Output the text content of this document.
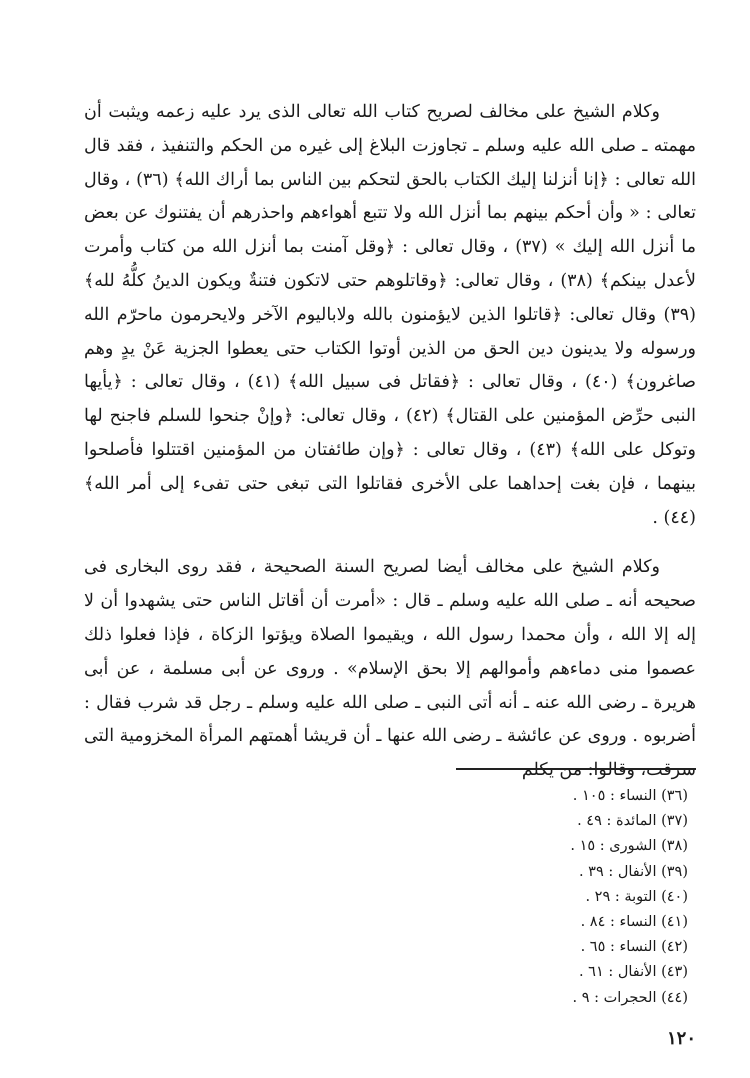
وكلام الشيخ على مخالف لصريح كتاب الله تعالى الذى يرد عليه زعمه ويثبت أن مهمته ـ صلى الله عليه وسلم ـ تجاوزت البلاغ إلى غيره من الحكم والتنفيذ ، فقد قال الله تعالى : ﴿إنا أنزلنا إليك الكتاب بالحق لتحكم بين الناس بما أراك الله﴾ (٣٦) ، وقال تعالى : « وأن أحكم بينهم بما أنزل الله ولا تتبع أهواءهم واحذرهم أن يفتنوك عن بعض ما أنزل الله إليك » (٣٧) ، وقال تعالى : ﴿وقل آمنت بما أنزل الله من كتاب وأمرت لأعدل بينكم﴾ (٣٨) ، وقال تعالى: ﴿وقاتلوهم حتى لاتكون فتنةٌ ويكون الدينُ كلُّهُ لله﴾ (٣٩) وقال تعالى: ﴿قاتلوا الذين لايؤمنون بالله ولاباليوم الآخر ولايحرمون ماحرّم الله ورسوله ولا يدينون دين الحق من الذين أوتوا الكتاب حتى يعطوا الجزية عَنْ يدٍ وهم صاغرون﴾ (٤٠) ، وقال تعالى : ﴿فقاتل فى سبيل الله﴾ (٤١) ، وقال تعالى : ﴿يأيها النبى حرِّض المؤمنين على القتال﴾ (٤٢) ، وقال تعالى: ﴿وإنْ جنحوا للسلم فاجنح لها وتوكل على الله﴾ (٤٣) ، وقال تعالى : ﴿وإن طائفتان من المؤمنين اقتتلوا فأصلحوا بينهما ، فإن بغت إحداهما على الأخرى فقاتلوا التى تبغى حتى تفىء إلى أمر الله﴾ (٤٤) .

وكلام الشيخ على مخالف أيضا لصريح السنة الصحيحة ، فقد روى البخارى فى صحيحه أنه ـ صلى الله عليه وسلم ـ قال : «أمرت أن أقاتل الناس حتى يشهدوا أن لا إله إلا الله ، وأن محمدا رسول الله ، ويقيموا الصلاة ويؤتوا الزكاة ، فإذا فعلوا ذلك عصموا منى دماءهم وأموالهم إلا بحق الإسلام» . وروى عن أبى مسلمة ، عن أبى هريرة ـ رضى الله عنه ـ أنه أتى النبى ـ صلى الله عليه وسلم ـ رجل قد شرب فقال : أضربوه . وروى عن عائشة ـ رضى الله عنها ـ أن قريشا أهمتهم المرأة المخزومية التى سرقت، وقالوا: من يكلم

(٣٦) النساء : ١٠٥ .
(٣٧) المائدة : ٤٩ .
(٣٨) الشورى : ١٥ .
(٣٩) الأنفال : ٣٩ .
(٤٠) التوبة : ٢٩ .
(٤١) النساء : ٨٤ .
(٤٢) النساء : ٦٥ .
(٤٣) الأنفال : ٦١ .
(٤٤) الحجرات : ٩ .
١٢٠
